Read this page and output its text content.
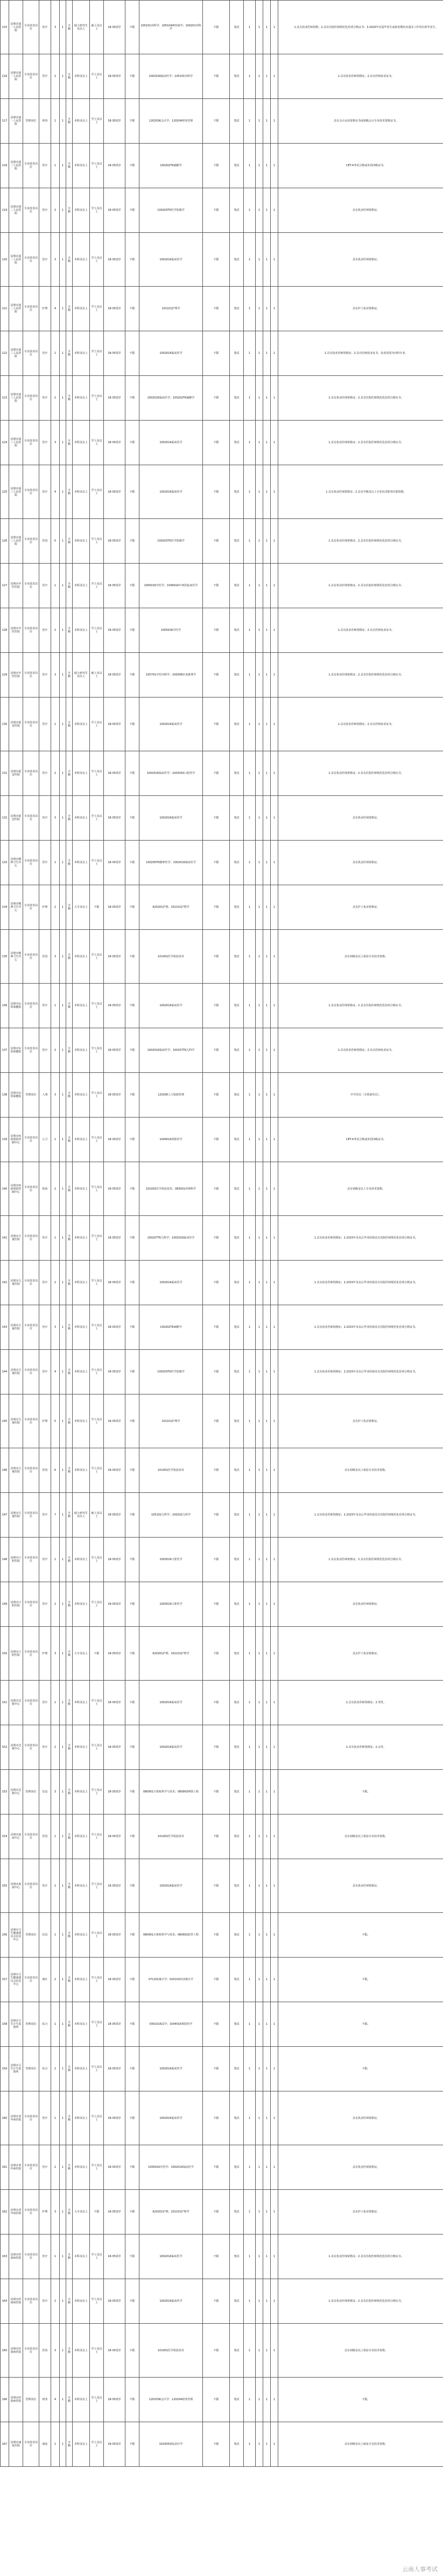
115	昆明市第一人民医院	专业技术岗位	医疗	3	1	全额	硕士研究生及以上	硕士及以上	18-35周岁	不限	105101内科学；105104神经病学；100201内科学	不限	笔试	1	1	1	1	1.具有执业医师资格；2.具有住院医师规范化培训合格证书；3.2020年应届毕业生或择业期内未落实工作单位的毕业生。
116	昆明市第一人民医院	专业技术岗位	医疗	2	1	全额	本科及以上	学士及以上	18-35周岁	不限	100201K临床医学；105101内科学	不限	笔试	1	1	1	1	1.具有执业医师资格证；2.具有医师执业证书。
117	昆明市第一人民医院	管理岗位	财务	1	1	全额	本科及以上	学士及以上	18-35周岁	不限	120203K会计学；120204财务管理	不限	笔试	1	1	1	1	具有会计从业资格证书或初级会计专业技术资格证书。
118	昆明市第二人民医院	专业技术岗位	医疗	1	1	全额	本科及以上	学士及以上	18-35周岁	不限	100202TK麻醉学	不限	笔试	1	1	1	1	CET-4考试合格或英语四级证书。
119	昆明市第二人民医院	专业技术岗位	医疗	2	1	全额	本科及以上	学士及以上	18-35周岁	不限	100203TK医学影像学	不限	笔试	1	1	1	1	具有执业医师资格证。
120	昆明市第二人民医院	专业技术岗位	医疗	3	1	全额	本科及以上	学士及以上	18-35周岁	不限	100201K临床医学	不限	笔试	1	1	1	1	具有执业医师资格证。
121	昆明市第二人民医院	专业技术岗位	护理	4	1	全额	本科及以上	学士及以上	18-35周岁	不限	101101护理学	不限	笔试	1	1	1	1	具有护士执业资格证。
122	昆明市第三人民医院	专业技术岗位	医疗	1	1	全额	本科及以上	学士及以上	18-35周岁	不限	100201K临床医学	不限	笔试	1	1	1	1	1.具有执业医师资格证；2.具有医师执业证书，执业范围为内科专业。
123	昆明市第三人民医院	专业技术岗位	医疗	2	1	全额	本科及以上	学士及以上	18-35周岁	不限	100201K临床医学；100202TK麻醉学	不限	笔试	1	1	1	1	1.具有执业医师资格证；2.具有住院医师规范化培训合格证书。
124	昆明市第三人民医院	专业技术岗位	医疗	3	1	全额	本科及以上	学士及以上	18-35周岁	不限	100201K临床医学	不限	笔试	1	1	1	1	1.具有执业医师资格证；2.具有住院医师规范化培训合格证书。
125	昆明市第三人民医院	专业技术岗位	医疗	4	1	全额	本科及以上	学士及以上	18-35周岁	不限	100201K临床医学	不限	笔试	1	1	1	1	1.具有执业医师资格证；2.具有中级及以上专业技术职务任职资格。
126	昆明市第三人民医院	专业技术岗位	医技	5	1	全额	本科及以上	学士及以上	18-35周岁	不限	100203TK医学影像学	不限	笔试	1	1	1	1	1.具有执业医师资格证；2.具有住院医师规范化培训合格证书。
127	昆明市中医医院	专业技术岗位	医疗	1	1	全额	本科及以上	学士及以上	18-35周岁	不限	100501K中医学；100601K中西医临床医学	不限	笔试	1	1	1	1	1.具有执业医师资格证；2.具有住院医师规范化培训合格证书。
128	昆明市中医医院	专业技术岗位	医疗	2	1	全额	本科及以上	学士及以上	18-35周岁	不限	100501K中医学	不限	笔试	1	1	1	1	1.具有执业医师资格证；2.具有医师执业证书。
129	昆明市中医医院	专业技术岗位	医疗	3	1	全额	硕士研究生及以上	硕士及以上	18-35周岁	不限	105701中医内科学；100506针灸推拿学	不限	笔试	1	1	1	1	1.具有执业医师资格证；2.具有住院医师规范化培训合格证书。
130	昆明市延安医院	专业技术岗位	医疗	1	1	全额	本科及以上	学士及以上	18-35周岁	不限	100201K临床医学	不限	笔试	1	1	1	1	1.具有执业医师资格证；2.具有医师执业证书。
131	昆明市延安医院	专业技术岗位	医疗	2	1	全额	本科及以上	学士及以上	18-35周岁	不限	100201K临床医学；100301K口腔医学	不限	笔试	1	1	1	1	1.具有执业医师资格证；2.具有住院医师规范化培训合格证书。
132	昆明市延安医院	专业技术岗位	医疗	3	1	全额	本科及以上	学士及以上	18-35周岁	不限	100201K临床医学	不限	笔试	1	1	1	1	具有执业医师资格证。
133	昆明市精神卫生中心	专业技术岗位	医疗	1	1	全额	本科及以上	学士及以上	18-35周岁	不限	100205TK精神医学；100201K临床医学	不限	笔试	1	1	1	1	具有执业医师资格证。
134	昆明市精神卫生中心	专业技术岗位	护理	2	1	全额	大专及以上	不限	18-35周岁	不限	620201护理；101101护理学	不限	笔试	1	1	1	1	具有护士执业资格证。
135	昆明市精神卫生中心	专业技术岗位	医技	3	1	全额	本科及以上	学士及以上	18-35周岁	不限	101001医学检验技术	不限	笔试	1	1	1	1	具有初级及以上检验专业技术资格。
136	昆明市妇幼保健院	专业技术岗位	医疗	1	1	全额	本科及以上	学士及以上	18-35周岁	不限	100201K临床医学	不限	笔试	1	1	1	1	1.具有执业医师资格证；2.具有住院医师规范化培训合格证书。
137	昆明市妇幼保健院	专业技术岗位	医疗	2	1	全额	本科及以上	学士及以上	18-35周岁	不限	100201K临床医学；100207TK儿科学	不限	笔试	1	1	1	1	1.具有执业医师资格证；2.具有医师执业证书。
138	昆明市妇幼保健院	管理岗位	人事	3	1	全额	本科及以上	学士及以上	18-35周岁	不限	120206人力资源管理	不限	笔试	1	1	1	1	中共党员（含预备党员）。
139	昆明市疾病预防控制中心	专业技术岗位	公卫	1	1	全额	本科及以上	学士及以上	18-35周岁	不限	100401K预防医学	不限	笔试	1	1	1	1	CET-4考试合格或英语四级证书。
140	昆明市疾病预防控制中心	专业技术岗位	检验	2	1	全额	本科及以上	学士及以上	18-35周岁	不限	101001医学检验技术；083001环境科学	不限	笔试	1	1	1	1	具有初级及以上专业技术资格。
141	昆明市儿童医院	专业技术岗位	医疗	1	1	全额	本科及以上	学士及以上	18-35周岁	不限	100207TK儿科学；100201K临床医学	不限	笔试	1	1	1	1	1.具有执业医师资格证；2.2015年及以后毕业的须具有住院医师规范化培训合格证书。
142	昆明市儿童医院	专业技术岗位	医疗	2	1	全额	本科及以上	学士及以上	18-35周岁	不限	100201K临床医学	不限	笔试	1	1	1	1	1.具有执业医师资格证；2.2015年及以后毕业的须具有住院医师规范化培训合格证书。
143	昆明市儿童医院	专业技术岗位	医疗	3	1	全额	本科及以上	学士及以上	18-35周岁	不限	100202TK麻醉学	不限	笔试	1	1	1	1	1.具有执业医师资格证；2.2015年及以后毕业的须具有住院医师规范化培训合格证书。
144	昆明市儿童医院	专业技术岗位	医疗	4	1	全额	本科及以上	学士及以上	18-35周岁	不限	100203TK医学影像学	不限	笔试	1	1	1	1	1.具有执业医师资格证；2.2015年及以后毕业的须具有住院医师规范化培训合格证书。
145	昆明市儿童医院	专业技术岗位	护理	5	1	全额	本科及以上	学士及以上	18-35周岁	不限	101101护理学	不限	笔试	1	1	1	1	具有护士执业资格证。
146	昆明市儿童医院	专业技术岗位	医技	6	1	全额	本科及以上	学士及以上	18-35周岁	不限	101001医学检验技术	不限	笔试	1	1	1	1	具有初级及以上检验专业技术资格。
147	昆明市儿童医院	专业技术岗位	医疗	7	1	全额	硕士研究生及以上	硕士及以上	18-35周岁	不限	105102儿科学；100202儿科学	不限	笔试	1	1	1	1	1.具有执业医师资格证；2.2015年及以后毕业的须具有住院医师规范化培训合格证书。
148	昆明市口腔医院	专业技术岗位	医疗	1	1	全额	本科及以上	学士及以上	18-35周岁	不限	100301K口腔医学	不限	笔试	1	1	1	1	1.具有执业医师资格证；2.具有住院医师规范化培训合格证书。
149	昆明市口腔医院	专业技术岗位	医疗	2	1	全额	本科及以上	学士及以上	18-35周岁	不限	100301K口腔医学	不限	笔试	1	1	1	1	具有执业医师资格证。
150	昆明市口腔医院	专业技术岗位	护理	3	1	全额	大专及以上	不限	18-35周岁	不限	620201护理；101101护理学	不限	笔试	1	1	1	1	具有护士执业资格证。
151	昆明市急救中心	专业技术岗位	医疗	1	1	全额	本科及以上	学士及以上	18-35周岁	不限	100201K临床医学	不限	笔试	1	1	1	1	1.具有执业医师资格证；2.男性。
152	昆明市急救中心	专业技术岗位	医疗	2	1	全额	本科及以上	学士及以上	18-35周岁	不限	100201K临床医学	不限	笔试	1	1	1	1	1.具有执业医师资格证；2.女性。
153	昆明市急救中心	管理岗位	信息	3	1	全额	本科及以上	学士及以上	18-35周岁	不限	080901计算机科学与技术；080903网络工程	不限	笔试	1	1	1	1	不限。
154	昆明市血液中心	专业技术岗位	医技	1	1	全额	本科及以上	学士及以上	18-35周岁	不限	101001医学检验技术	不限	笔试	1	1	1	1	具有初级及以上检验专业技术资格。
155	昆明市血液中心	专业技术岗位	医疗	2	1	全额	本科及以上	学士及以上	18-35周岁	不限	100201K临床医学	不限	笔试	1	1	1	1	具有执业医师资格证。
156	昆明市卫生健康委员会信息中心	管理岗位	信息	1	1	全额	本科及以上	学士及以上	18-35周岁	不限	080901计算机科学与技术；080902软件工程	不限	笔试	1	1	1	1	不限。
157	昆明市卫生健康委员会信息中心	专业技术岗位	统计	2	1	全额	本科及以上	学士及以上	18-35周岁	不限	071201统计学；020102经济统计学	不限	笔试	1	1	1	1	不限。
158	昆明市卫生计生监督所	管理岗位	综合	1	1	全额	本科及以上	学士及以上	18-35周岁	不限	030101K法学；100401K预防医学	不限	笔试	1	1	1	1	不限。
159	昆明市卫生计生监督所	管理岗位	综合	2	1	全额	本科及以上	学士及以上	18-35周岁	不限	100201K临床医学	不限	笔试	1	1	1	1	不限。
160	昆明市老年病医院	专业技术岗位	医疗	1	1	全额	本科及以上	学士及以上	18-35周岁	不限	100201K临床医学	不限	笔试	1	1	1	1	具有执业医师资格证。
161	昆明市老年病医院	专业技术岗位	医疗	2	1	全额	本科及以上	学士及以上	18-35周岁	不限	100501K中医学；100201K临床医学	不限	笔试	1	1	1	1	具有执业医师资格证。
162	昆明市老年病医院	专业技术岗位	护理	3	1	全额	大专及以上	不限	18-35周岁	不限	620201护理；101101护理学	不限	笔试	1	1	1	1	具有护士执业资格证。
163	昆明市传染病医院	专业技术岗位	医疗	1	1	全额	本科及以上	学士及以上	18-35周岁	不限	100201K临床医学	不限	笔试	1	1	1	1	1.具有执业医师资格证；2.具有住院医师规范化培训合格证书。
164	昆明市传染病医院	专业技术岗位	医疗	2	1	全额	本科及以上	学士及以上	18-35周岁	不限	100201K临床医学	不限	笔试	1	1	1	1	1.具有执业医师资格证；2.具有住院医师规范化培训合格证书。
165	昆明市传染病医院	专业技术岗位	医技	3	1	全额	本科及以上	学士及以上	18-35周岁	不限	101001医学检验技术	不限	笔试	1	1	1	1	具有初级及以上检验专业技术资格。
166	昆明市传染病医院	管理岗位	财务	4	1	全额	本科及以上	学士及以上	18-35周岁	不限	120203K会计学；120204财务管理	不限	笔试	1	1	1	1	不限。
167	昆明市康复医院	专业技术岗位	康复	1	1	全额	本科及以上	学士及以上	18-35周岁	不限	101005康复治疗学	不限	笔试	1	1	1	1	具有初级及以上康复专业技术资格。
云南人事考试
